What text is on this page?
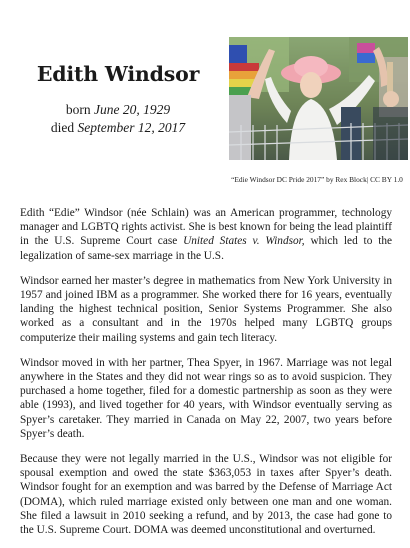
Edith Windsor
born June 20, 1929
died September 12, 2017
“Edie Windsor DC Pride 2017” by Rex Block| CC BY 1.0

Edith “Edie” Windsor (née Schlain) was an American programmer, technology manager and LGBTQ rights activist. She is best known for being the lead plaintiff in the U.S. Supreme Court case United States v. Windsor, which led to the legalization of same-sex marriage in the U.S.

Windsor earned her master’s degree in mathematics from New York University in 1957 and joined IBM as a programmer. She worked there for 16 years, eventually landing the highest technical position, Senior Systems Programmer. She also worked as a consultant and in the 1970s helped many LGBTQ groups computerize their mailing systems and gain tech literacy.

Windsor moved in with her partner, Thea Spyer, in 1967. Marriage was not legal anywhere in the States and they did not wear rings so as to avoid suspicion. They purchased a home together, filed for a domestic partnership as soon as they were able (1993), and lived together for 40 years, with Windsor eventually serving as Spyer’s caretaker. They married in Canada on May 22, 2007, two years before Spyer’s death.

Because they were not legally married in the U.S., Windsor was not eligible for spousal exemption and owed the state $363,053 in taxes after Spyer’s death. Windsor fought for an exemption and was barred by the Defense of Marriage Act (DOMA), which ruled marriage existed only between one man and one woman. She filed a lawsuit in 2010 seeking a refund, and by 2013, the case had gone to the U.S. Supreme Court. DOMA was deemed unconstitutional and overturned.
